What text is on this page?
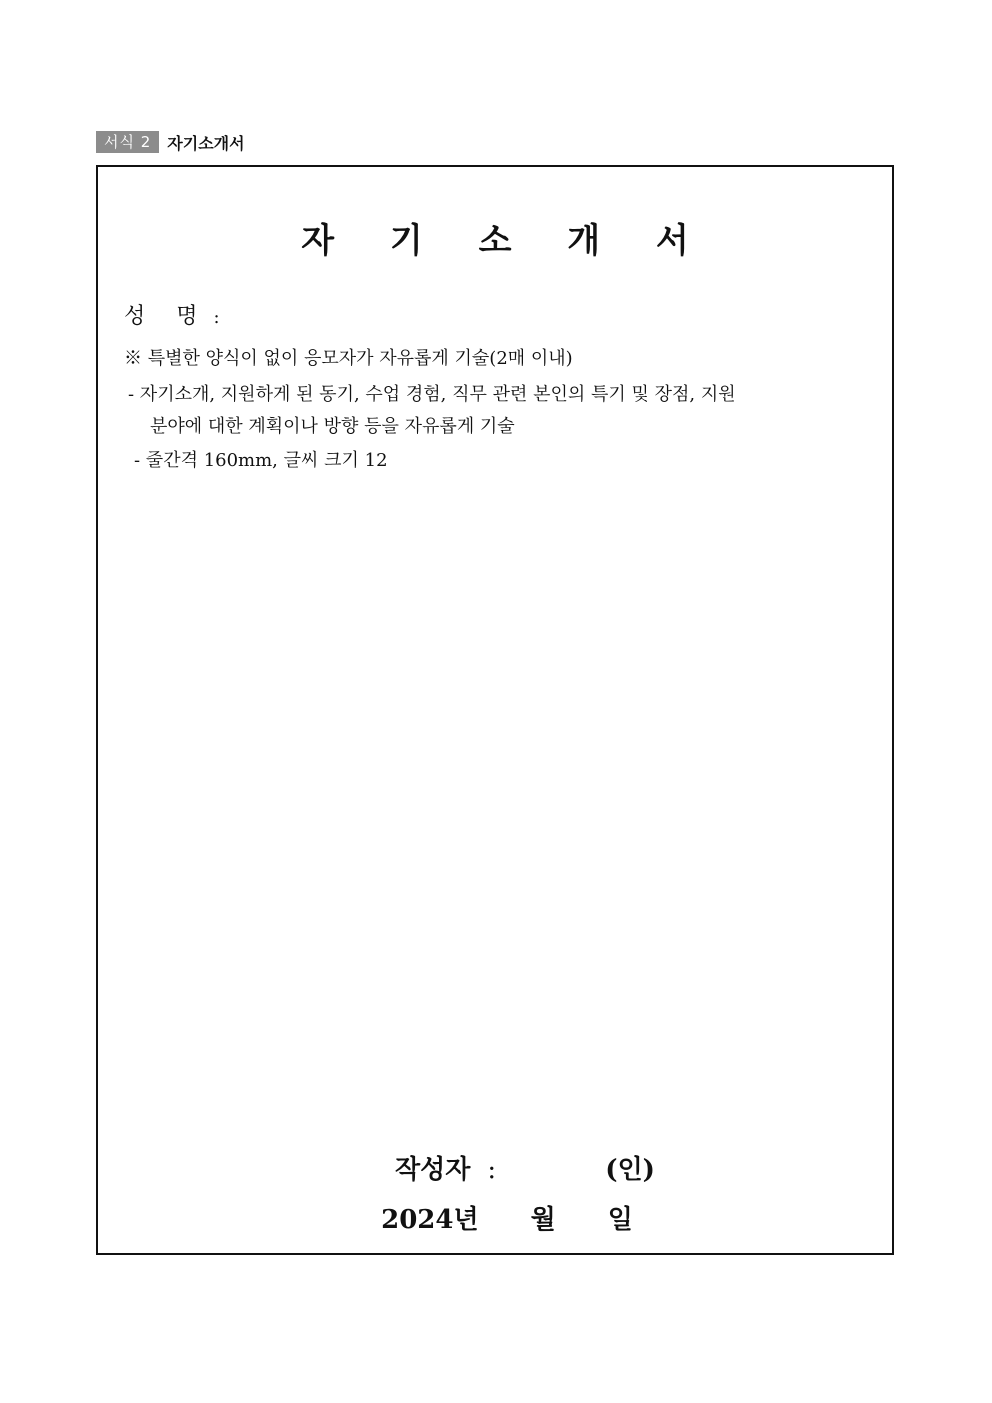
서식 2	자기소개서
자 기 소 개 서
성 명 :
※ 특별한 양식이 없이 응모자가 자유롭게 기술(2매 이내)
- 자기소개, 지원하게 된 동기, 수업 경험, 직무 관련 본인의 특기 및 장점, 지원
분야에 대한 계획이나 방향 등을 자유롭게 기술
- 줄간격 160mm, 글씨 크기 12
작성자 :	(인)
2024년 월 일
